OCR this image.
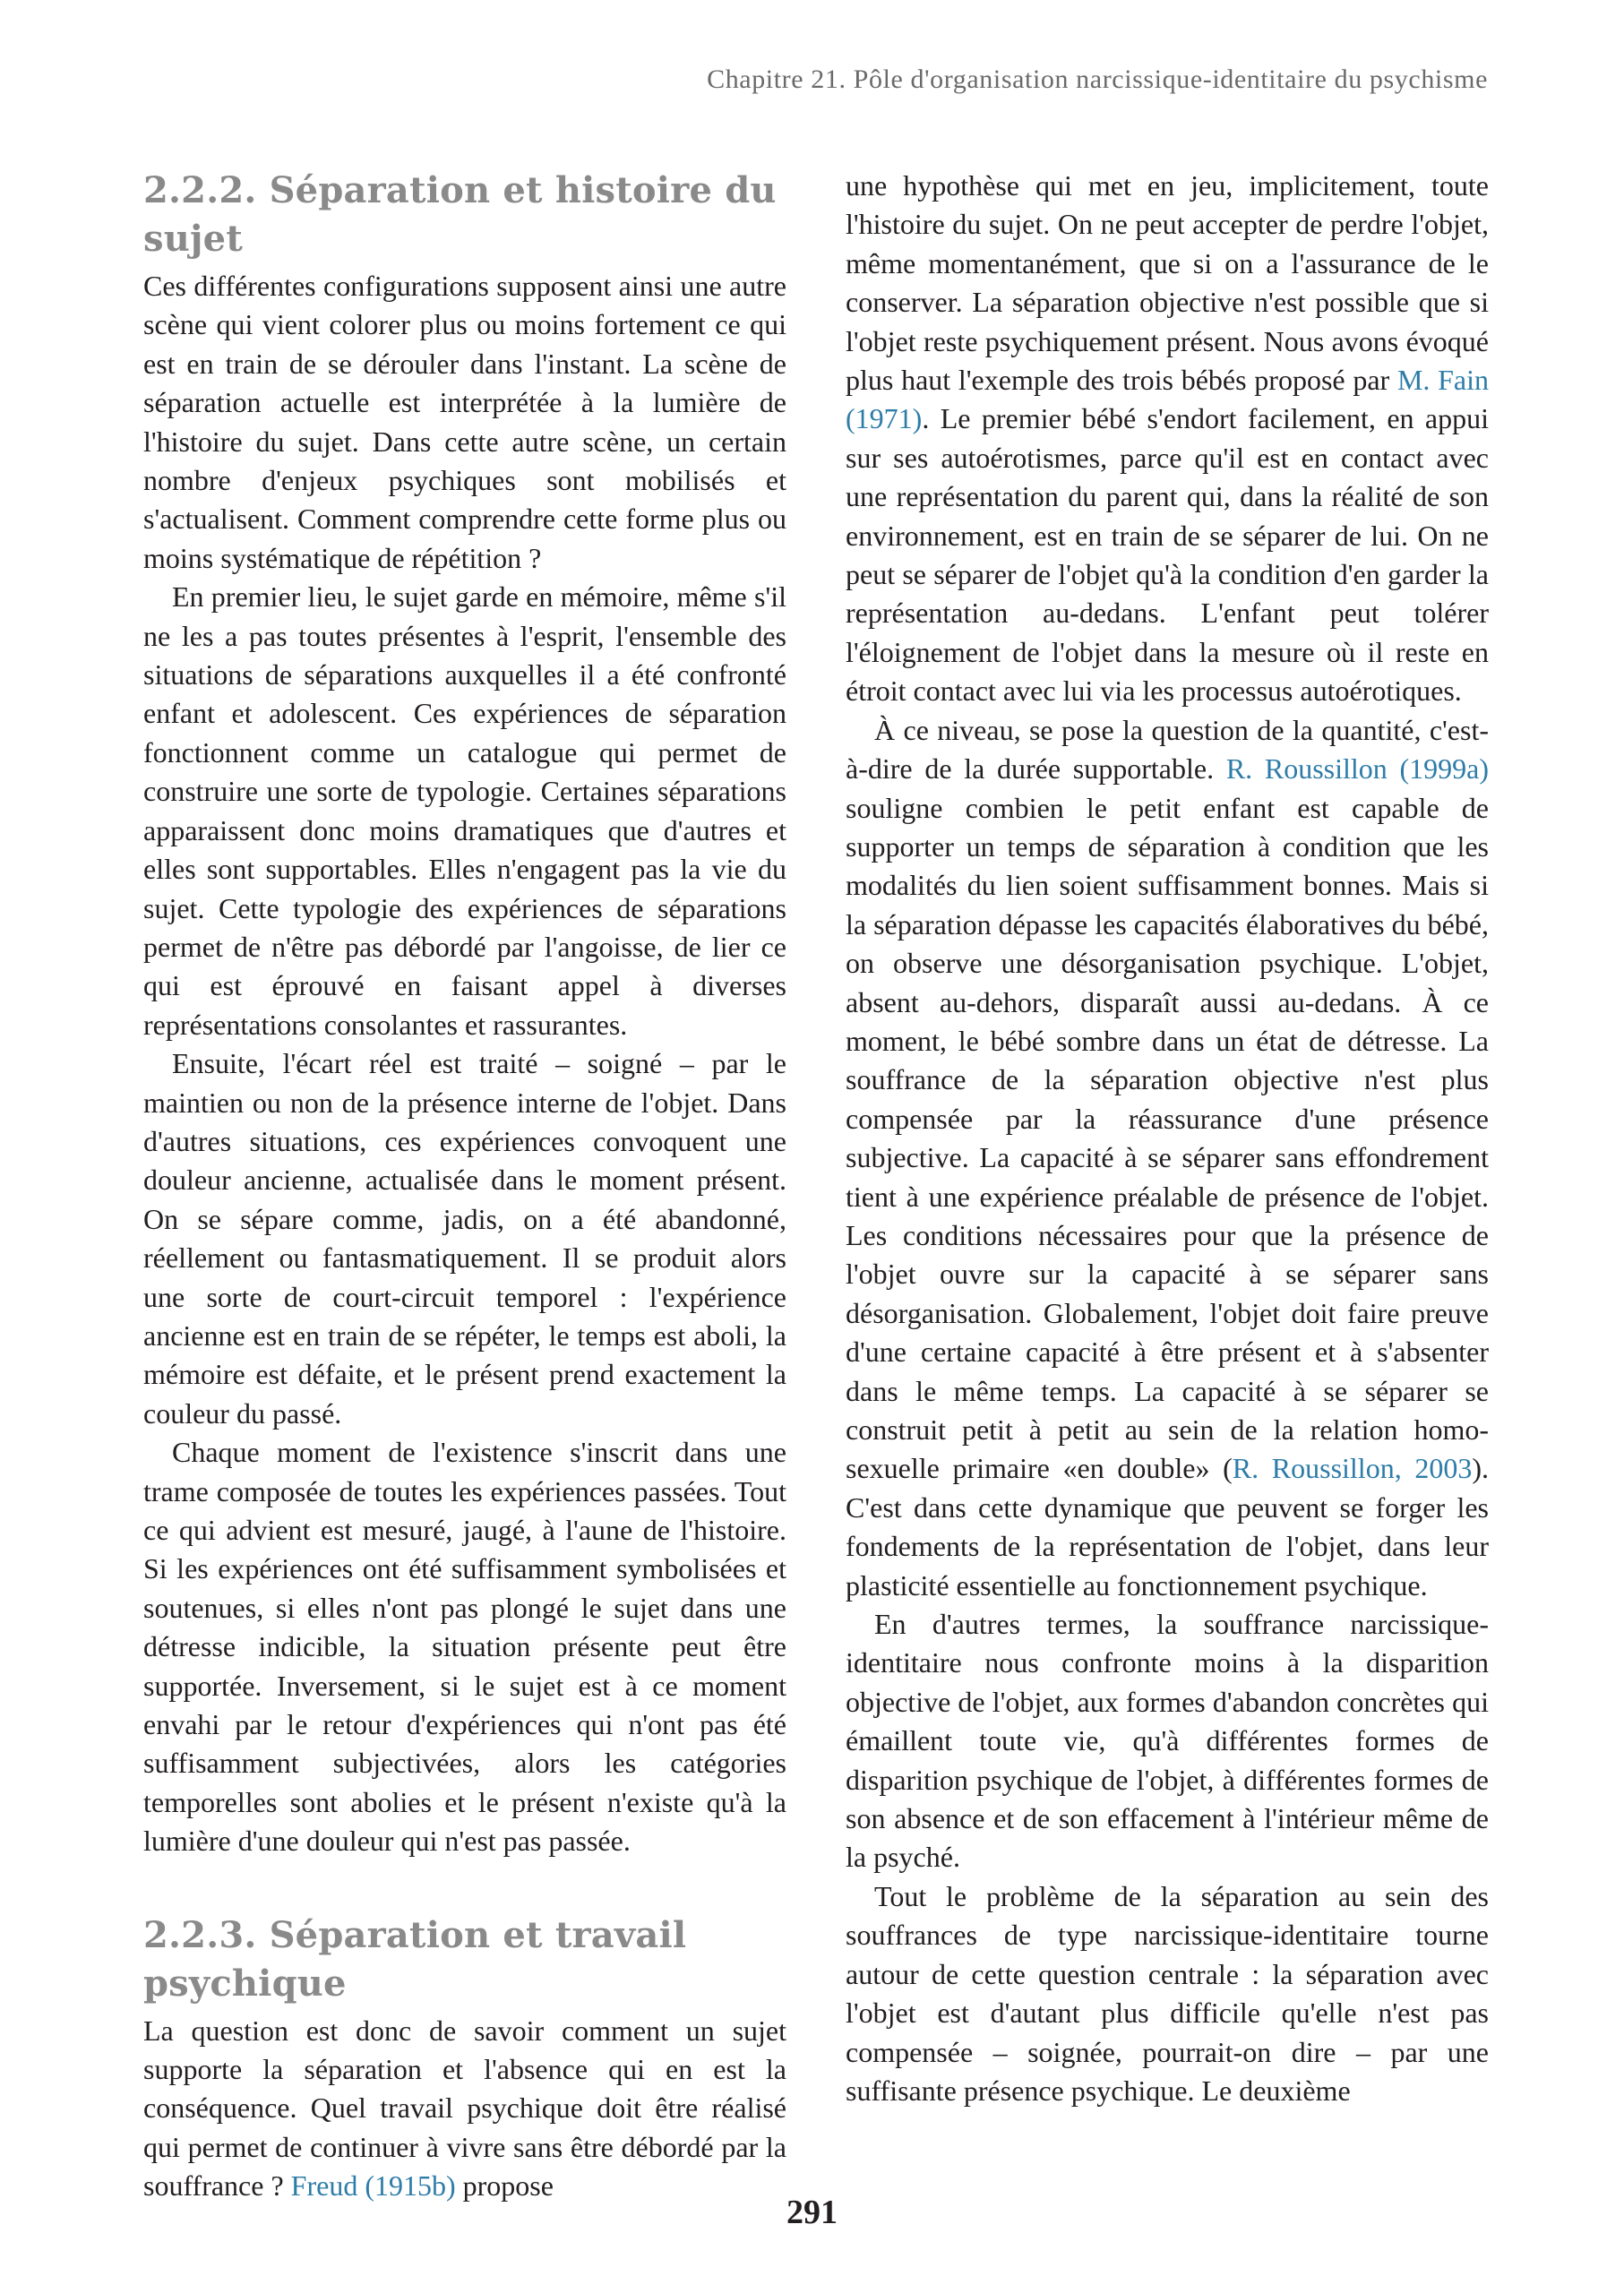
Chapitre 21. Pôle d'organisation narcissique-identitaire du psychisme
2.2.2. Séparation et histoire du sujet

Ces différentes configurations supposent ainsi une autre scène qui vient colorer plus ou moins fortement ce qui est en train de se dérouler dans l'instant. La scène de séparation actuelle est interprétée à la lumière de l'histoire du sujet. Dans cette autre scène, un certain nombre d'enjeux psychiques sont mobilisés et s'actualisent. Comment comprendre cette forme plus ou moins systématique de répétition ?

En premier lieu, le sujet garde en mémoire, même s'il ne les a pas toutes présentes à l'esprit, l'ensemble des situations de séparations auxquelles il a été confronté enfant et adolescent. Ces expériences de séparation fonctionnent comme un catalogue qui permet de construire une sorte de typologie. Certaines séparations apparaissent donc moins dramatiques que d'autres et elles sont supportables. Elles n'engagent pas la vie du sujet. Cette typologie des expériences de séparations permet de n'être pas débordé par l'angoisse, de lier ce qui est éprouvé en faisant appel à diverses représentations consolantes et rassurantes.

Ensuite, l'écart réel est traité – soigné – par le maintien ou non de la présence interne de l'objet. Dans d'autres situations, ces expériences convoquent une douleur ancienne, actualisée dans le moment présent. On se sépare comme, jadis, on a été abandonné, réellement ou fantasmatiquement. Il se produit alors une sorte de court-circuit temporel : l'expérience ancienne est en train de se répéter, le temps est aboli, la mémoire est défaite, et le présent prend exactement la couleur du passé.

Chaque moment de l'existence s'inscrit dans une trame composée de toutes les expériences passées. Tout ce qui advient est mesuré, jaugé, à l'aune de l'histoire. Si les expériences ont été suffisamment symbolisées et soutenues, si elles n'ont pas plongé le sujet dans une détresse indicible, la situation présente peut être supportée. Inversement, si le sujet est à ce moment envahi par le retour d'expériences qui n'ont pas été suffisamment subjectivées, alors les catégories temporelles sont abolies et le présent n'existe qu'à la lumière d'une douleur qui n'est pas passée.

2.2.3. Séparation et travail psychique

La question est donc de savoir comment un sujet supporte la séparation et l'absence qui en est la conséquence. Quel travail psychique doit être réalisé qui permet de continuer à vivre sans être débordé par la souffrance ? Freud (1915b) propose

une hypothèse qui met en jeu, implicitement, toute l'histoire du sujet. On ne peut accepter de perdre l'objet, même momentanément, que si on a l'assurance de le conserver. La séparation objective n'est possible que si l'objet reste psychiquement présent. Nous avons évoqué plus haut l'exemple des trois bébés proposé par M. Fain (1971). Le premier bébé s'endort facilement, en appui sur ses autoérotismes, parce qu'il est en contact avec une représentation du parent qui, dans la réalité de son environnement, est en train de se séparer de lui. On ne peut se séparer de l'objet qu'à la condition d'en garder la représentation au-dedans. L'enfant peut tolérer l'éloignement de l'objet dans la mesure où il reste en étroit contact avec lui via les processus autoérotiques.

À ce niveau, se pose la question de la quantité, c'est-à-dire de la durée supportable. R. Roussillon (1999a) souligne combien le petit enfant est capable de supporter un temps de séparation à condition que les modalités du lien soient suffisamment bonnes. Mais si la séparation dépasse les capacités élaboratives du bébé, on observe une désorganisation psychique. L'objet, absent au-dehors, disparaît aussi au-dedans. À ce moment, le bébé sombre dans un état de détresse. La souffrance de la séparation objective n'est plus compensée par la réassurance d'une présence subjective. La capacité à se séparer sans effondrement tient à une expérience préalable de présence de l'objet. Les conditions nécessaires pour que la présence de l'objet ouvre sur la capacité à se séparer sans désorganisation. Globalement, l'objet doit faire preuve d'une certaine capacité à être présent et à s'absenter dans le même temps. La capacité à se séparer se construit petit à petit au sein de la relation homosexuelle primaire «en double» (R. Roussillon, 2003). C'est dans cette dynamique que peuvent se forger les fondements de la représentation de l'objet, dans leur plasticité essentielle au fonctionnement psychique.

En d'autres termes, la souffrance narcissique-identitaire nous confronte moins à la disparition objective de l'objet, aux formes d'abandon concrètes qui émaillent toute vie, qu'à différentes formes de disparition psychique de l'objet, à différentes formes de son absence et de son effacement à l'intérieur même de la psyché.

Tout le problème de la séparation au sein des souffrances de type narcissique-identitaire tourne autour de cette question centrale : la séparation avec l'objet est d'autant plus difficile qu'elle n'est pas compensée – soignée, pourrait-on dire – par une suffisante présence psychique. Le deuxième

291
